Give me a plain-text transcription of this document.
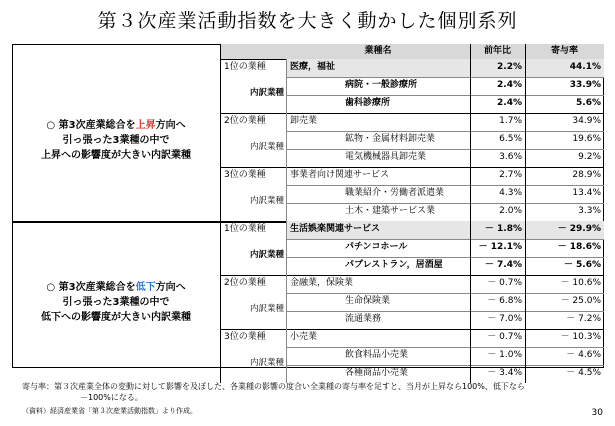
第３次産業活動指数を大きく動かした個別系列
業種名	前年比	寄与率
○ 第3次産業総合を上昇方向へ
引っ張った3業種の中で
上昇への影響度が大きい内訳業種
1位の業種	医療，福祉	2.2%	44.1%
内訳業種
病院・一般診療所	2.4%	33.9%
歯科診療所	2.4%	5.6%
2位の業種	卸売業	1.7%	34.9%
内訳業種
鉱物・金属材料卸売業	6.5%	19.6%
電気機械器具卸売業	3.6%	9.2%
3位の業種	事業者向け関連サービス	2.7%	28.9%
内訳業種
職業紹介・労働者派遣業	4.3%	13.4%
土木・建築サービス業	2.0%	3.3%
○ 第3次産業総合を低下方向へ
引っ張った3業種の中で
低下への影響度が大きい内訳業種
1位の業種	生活娯楽関連サービス	－ 1.8%	－ 29.9%
内訳業種
パチンコホール	－ 12.1%	－ 18.6%
パブレストラン，居酒屋	－ 7.4%	－ 5.6%
2位の業種	金融業，保険業	－ 0.7%	－ 10.6%
内訳業種
生命保険業	－ 6.8%	－ 25.0%
流通業務	－ 7.0%	－ 7.2%
3位の業種	小売業	－ 0.7%	－ 10.3%
内訳業種
飲食料品小売業	－ 1.0%	－ 4.6%
各種商品小売業	－ 3.4%	－ 4.5%
寄与率：第３次産業全体の変動に対して影響を及ぼした、各業種の影響の度合い全業種の寄与率を足すと、当月が上昇なら100%、低下なら
－100%になる。
（資料）経済産業省「第３次産業活動指数」より作成。	30
